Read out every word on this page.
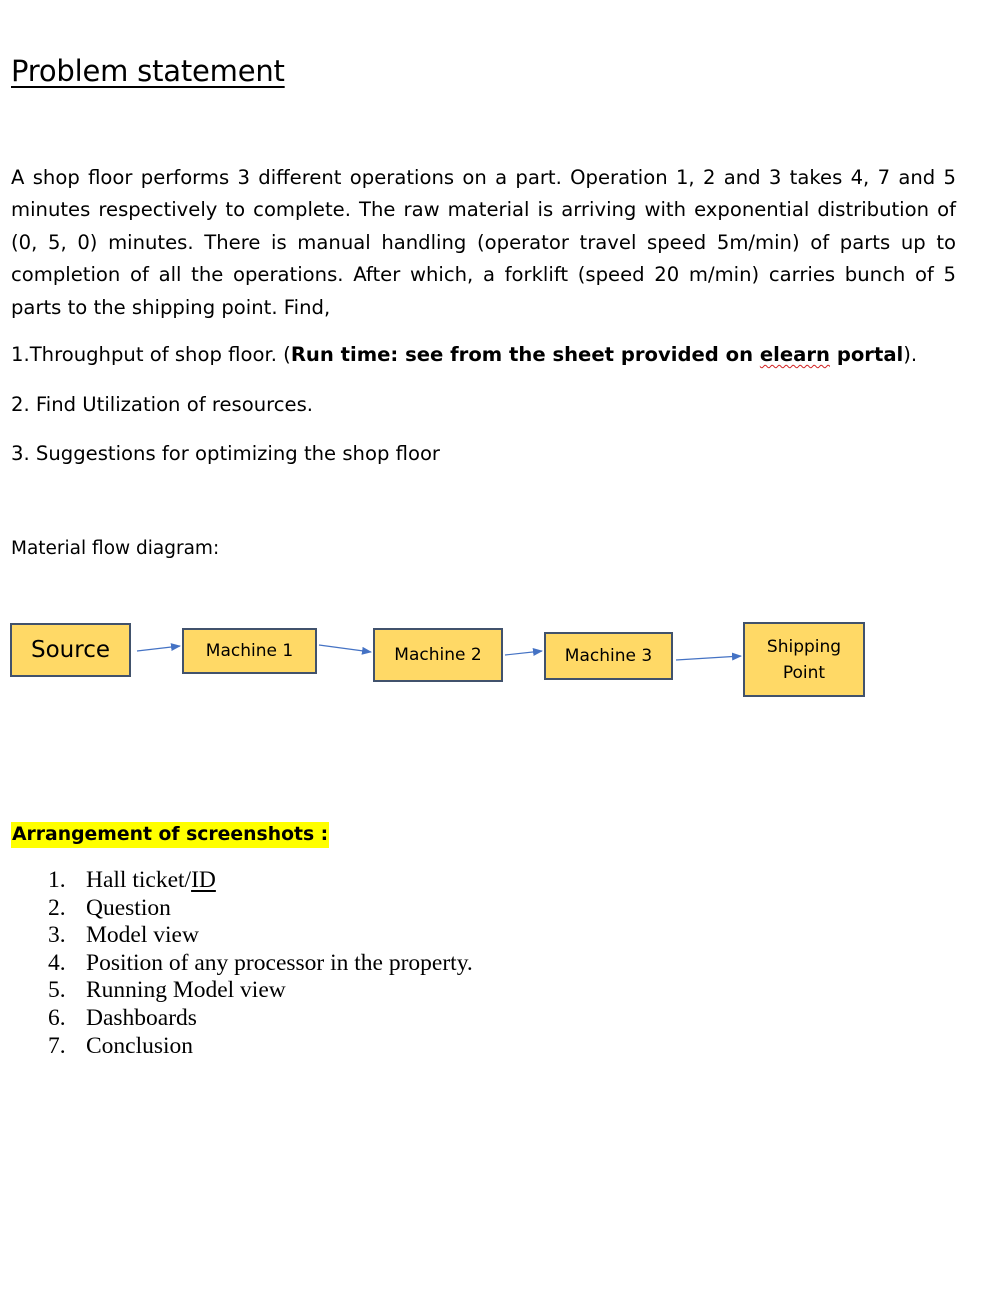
Problem statement
A shop floor performs 3 different operations on a part. Operation 1, 2 and 3 takes 4, 7 and 5 minutes respectively to complete. The raw material is arriving with exponential distribution of (0, 5, 0) minutes. There is manual handling (operator travel speed 5m/min) of parts up to completion of all the operations. After which, a forklift (speed 20 m/min) carries bunch of 5 parts to the shipping point. Find,
1.Throughput of shop floor. (Run time: see from the sheet provided on elearn portal).
2. Find Utilization of resources.
3. Suggestions for optimizing the shop floor
Material flow diagram:
Source	Machine 1	Machine 2	Machine 3	Shipping
Point
Arrangement of screenshots :
1. Hall ticket/ ID
2. Question
3. Model view
4. Position of any processor in the property.
5. Running Model view
6. Dashboards
7. Conclusion
